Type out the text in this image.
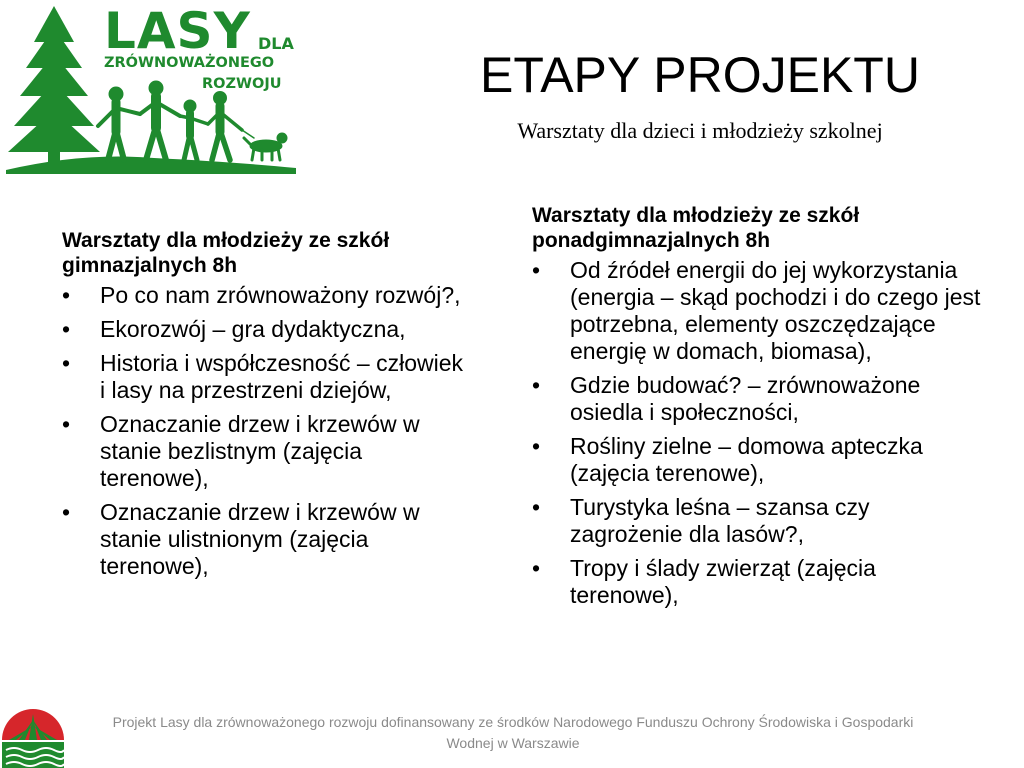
LASY DLA
ZRÓWNOWAŻONEGO
ROZWOJU	ETAPY PROJEKTU
Warsztaty dla dzieci i młodzieży szkolnej
Warsztaty dla młodzieży ze szkół gimnazjalnych 8h
• Po co nam zrównoważony rozwój?,
• Ekorozwój – gra dydaktyczna,
• Historia i współczesność – człowiek i lasy na przestrzeni dziejów,
• Oznaczanie drzew i krzewów w stanie bezlistnym (zajęcia terenowe),
• Oznaczanie drzew i krzewów w stanie ulistnionym (zajęcia terenowe),
Warsztaty dla młodzieży ze szkół ponadgimnazjalnych 8h
• Od źródeł energii do jej wykorzystania (energia – skąd pochodzi i do czego jest potrzebna, elementy oszczędzające energię w domach, biomasa),
• Gdzie budować? – zrównoważone osiedla i społeczności,
• Rośliny zielne – domowa apteczka (zajęcia terenowe),
• Turystyka leśna – szansa czy zagrożenie dla lasów?,
• Tropy i ślady zwierząt (zajęcia terenowe),
Projekt Lasy dla zrównoważonego rozwoju dofinansowany ze środków Narodowego Funduszu Ochrony Środowiska i Gospodarki
Wodnej w Warszawie
